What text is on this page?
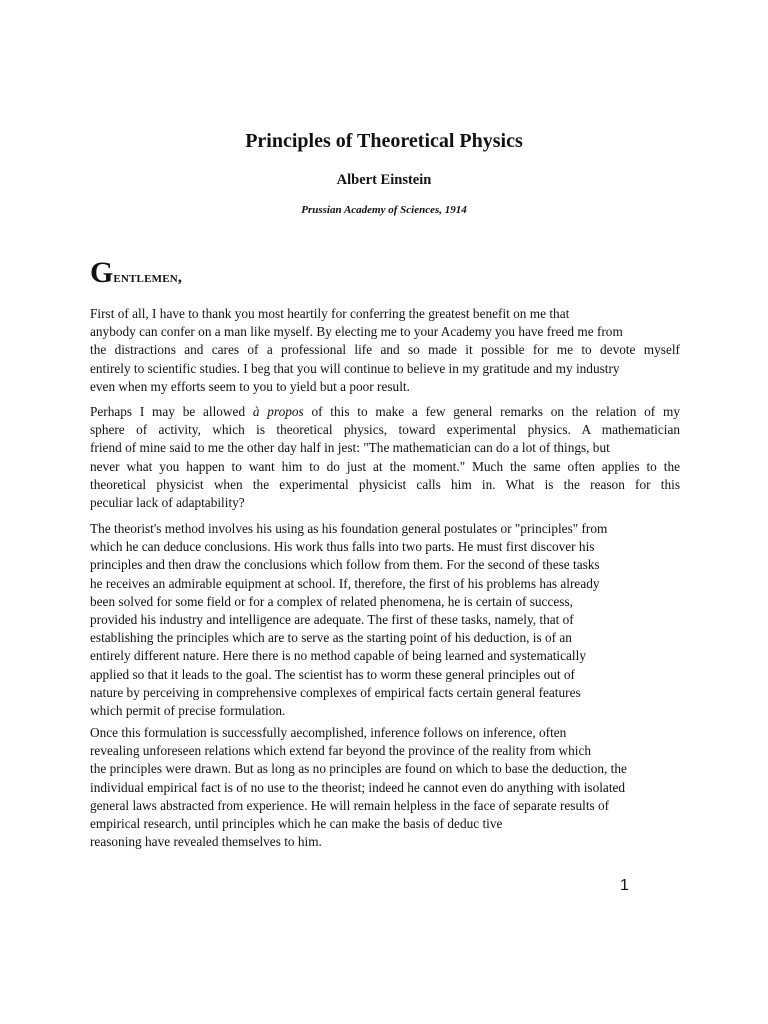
Principles of Theoretical Physics

Albert Einstein

Prussian Academy of Sciences, 1914

Gentlemen,

First of all, I have to thank you most heartily for conferring the greatest benefit on me that
anybody can confer on a man like myself. By electing me to your Academy you have freed me from
the distractions and cares of a professional life and so made it possible for me to devote myself
entirely to scientific studies. I beg that you will continue to believe in my gratitude and my industry
even when my efforts seem to you to yield but a poor result.

Perhaps I may be allowed à propos of this to make a few general remarks on the relation of my
sphere of activity, which is theoretical physics, toward experimental physics. A mathematician
friend of mine said to me the other day half in jest: "The mathematician can do a lot of things, but
never what you happen to want him to do just at the moment." Much the same often applies to the
theoretical physicist when the experimental physicist calls him in. What is the reason for this
peculiar lack of adaptability?

The theorist's method involves his using as his foundation general postulates or "principles" from
which he can deduce conclusions. His work thus falls into two parts. He must first discover his
principles and then draw the conclusions which follow from them. For the second of these tasks
he receives an admirable equipment at school. If, therefore, the first of his problems has already
been solved for some field or for a complex of related phenomena, he is certain of success,
provided his industry and intelligence are adequate. The first of these tasks, namely, that of
establishing the principles which are to serve as the starting point of his deduction, is of an
entirely different nature. Here there is no method capable of being learned and systematically
applied so that it leads to the goal. The scientist has to worm these general principles out of
nature by perceiving in comprehensive complexes of empirical facts certain general features
which permit of precise formulation.

Once this formulation is successfully aecomplished, inference follows on inference, often
revealing unforeseen relations which extend far beyond the province of the reality from which
the principles were drawn. But as long as no principles are found on which to base the deduction, the
individual empirical fact is of no use to the theorist; indeed he cannot even do anything with isolated
general laws abstracted from experience. He will remain helpless in the face of separate results of
empirical research, until principles which he can make the basis of deduc tive
reasoning have revealed themselves to him.

1
